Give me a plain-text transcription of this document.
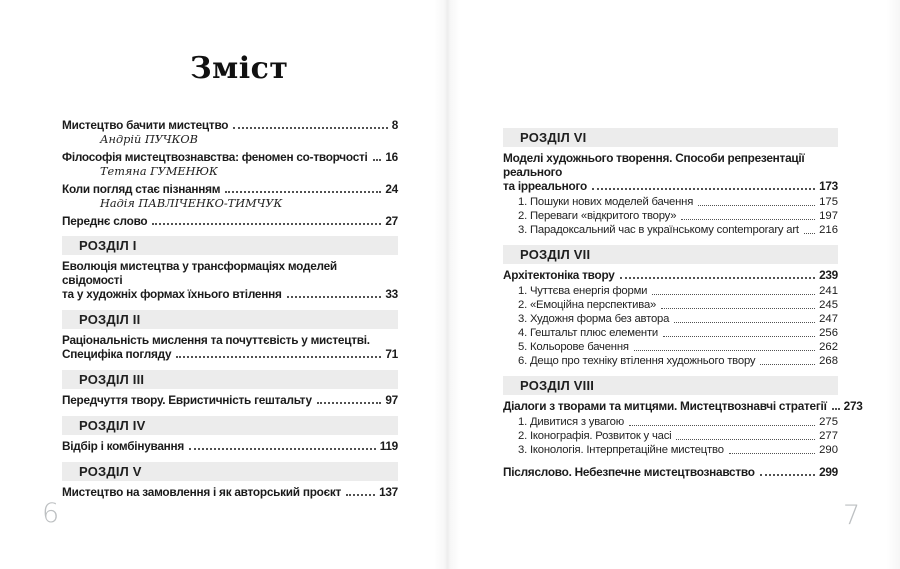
Зміст
Мистецтво бачити мистецтво	8
Андрій ПУЧКОВ
Філософія мистецтвознавства: феномен со-творчості 16
Тетяна ГУМЕНЮК
Коли погляд стає пізнанням	24
Надія ПАВЛІЧЕНКО-ТИМЧУК
Переднє слово	27
РОЗДІЛ I
Еволюція мистецтва у трансформаціях моделей свідомості
та у художніх формах їхнього втілення	33
РОЗДІЛ II
Раціональність мислення та почуттєвість у мистецтві.
Специфіка погляду	71
РОЗДІЛ III
Передчуття твору. Евристичність гештальту	97
РОЗДІЛ IV
Відбір і комбінування	119
РОЗДІЛ V
Мистецтво на замовлення і як авторський проєкт	137
РОЗДІЛ VI
Моделі художнього творення. Способи репрезентації реального
та ірреального	173
1. Пошуки нових моделей бачення	175
2. Переваги «відкритого твору»	197
3. Парадоксальний час в українському contemporary art 216
РОЗДІЛ VII
Архітектоніка твору	239
1. Чуттєва енергія форми	241
2. «Емоційна перспектива»	245
3. Художня форма без автора	247
4. Гештальт плюс елементи	256
5. Кольорове бачення	262
6. Дещо про техніку втілення художнього твору	268
РОЗДІЛ VIII
Діалоги з творами та митцями. Мистецтвознавчі стратегії 273
1. Дивитися з увагою	275
2. Іконографія. Розвиток у часі	277
3. Іконологія. Інтерпретаційне мистецтво	290
Післяслово. Небезпечне мистецтвознавство	299
6	7
